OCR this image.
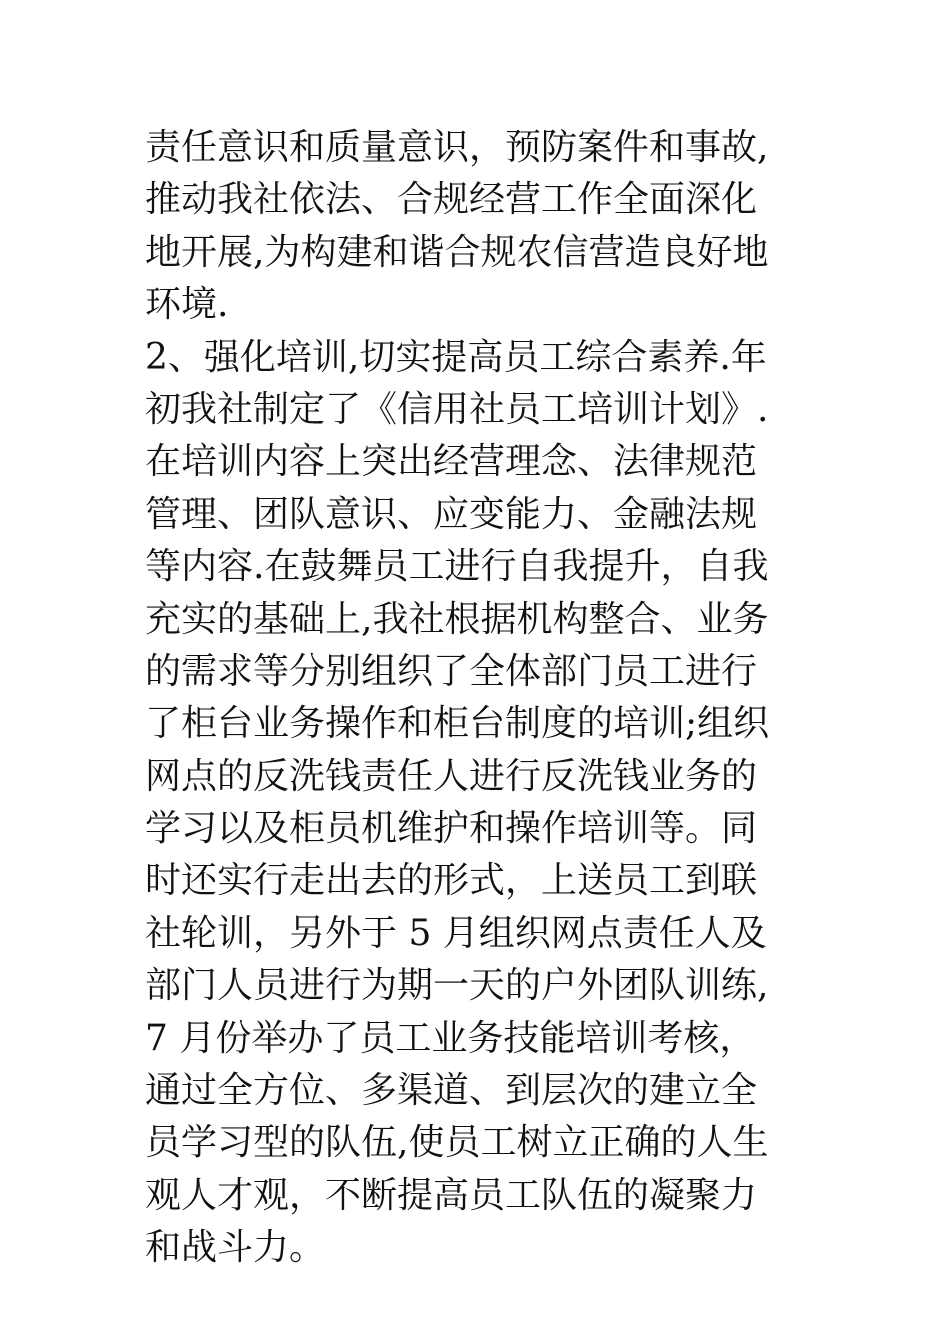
责任意识和质量意识，预防案件和事故,
推动我社依法、合规经营工作全面深化
地开展,为构建和谐合规农信营造良好地
环境.
2、强化培训,切实提高员工综合素养.年
初我社制定了《信用社员工培训计划》.
在培训内容上突出经营理念、法律规范
管理、团队意识、应变能力、金融法规
等内容.在鼓舞员工进行自我提升，自我
充实的基础上,我社根据机构整合、业务
的需求等分别组织了全体部门员工进行
了柜台业务操作和柜台制度的培训;组织
网点的反洗钱责任人进行反洗钱业务的
学习以及柜员机维护和操作培训等。同
时还实行走出去的形式，上送员工到联
社轮训，另外于 5 月组织网点责任人及
部门人员进行为期一天的户外团队训练,
7 月份举办了员工业务技能培训考核，
通过全方位、多渠道、到层次的建立全
员学习型的队伍,使员工树立正确的人生
观人才观，不断提高员工队伍的凝聚力
和战斗力。
